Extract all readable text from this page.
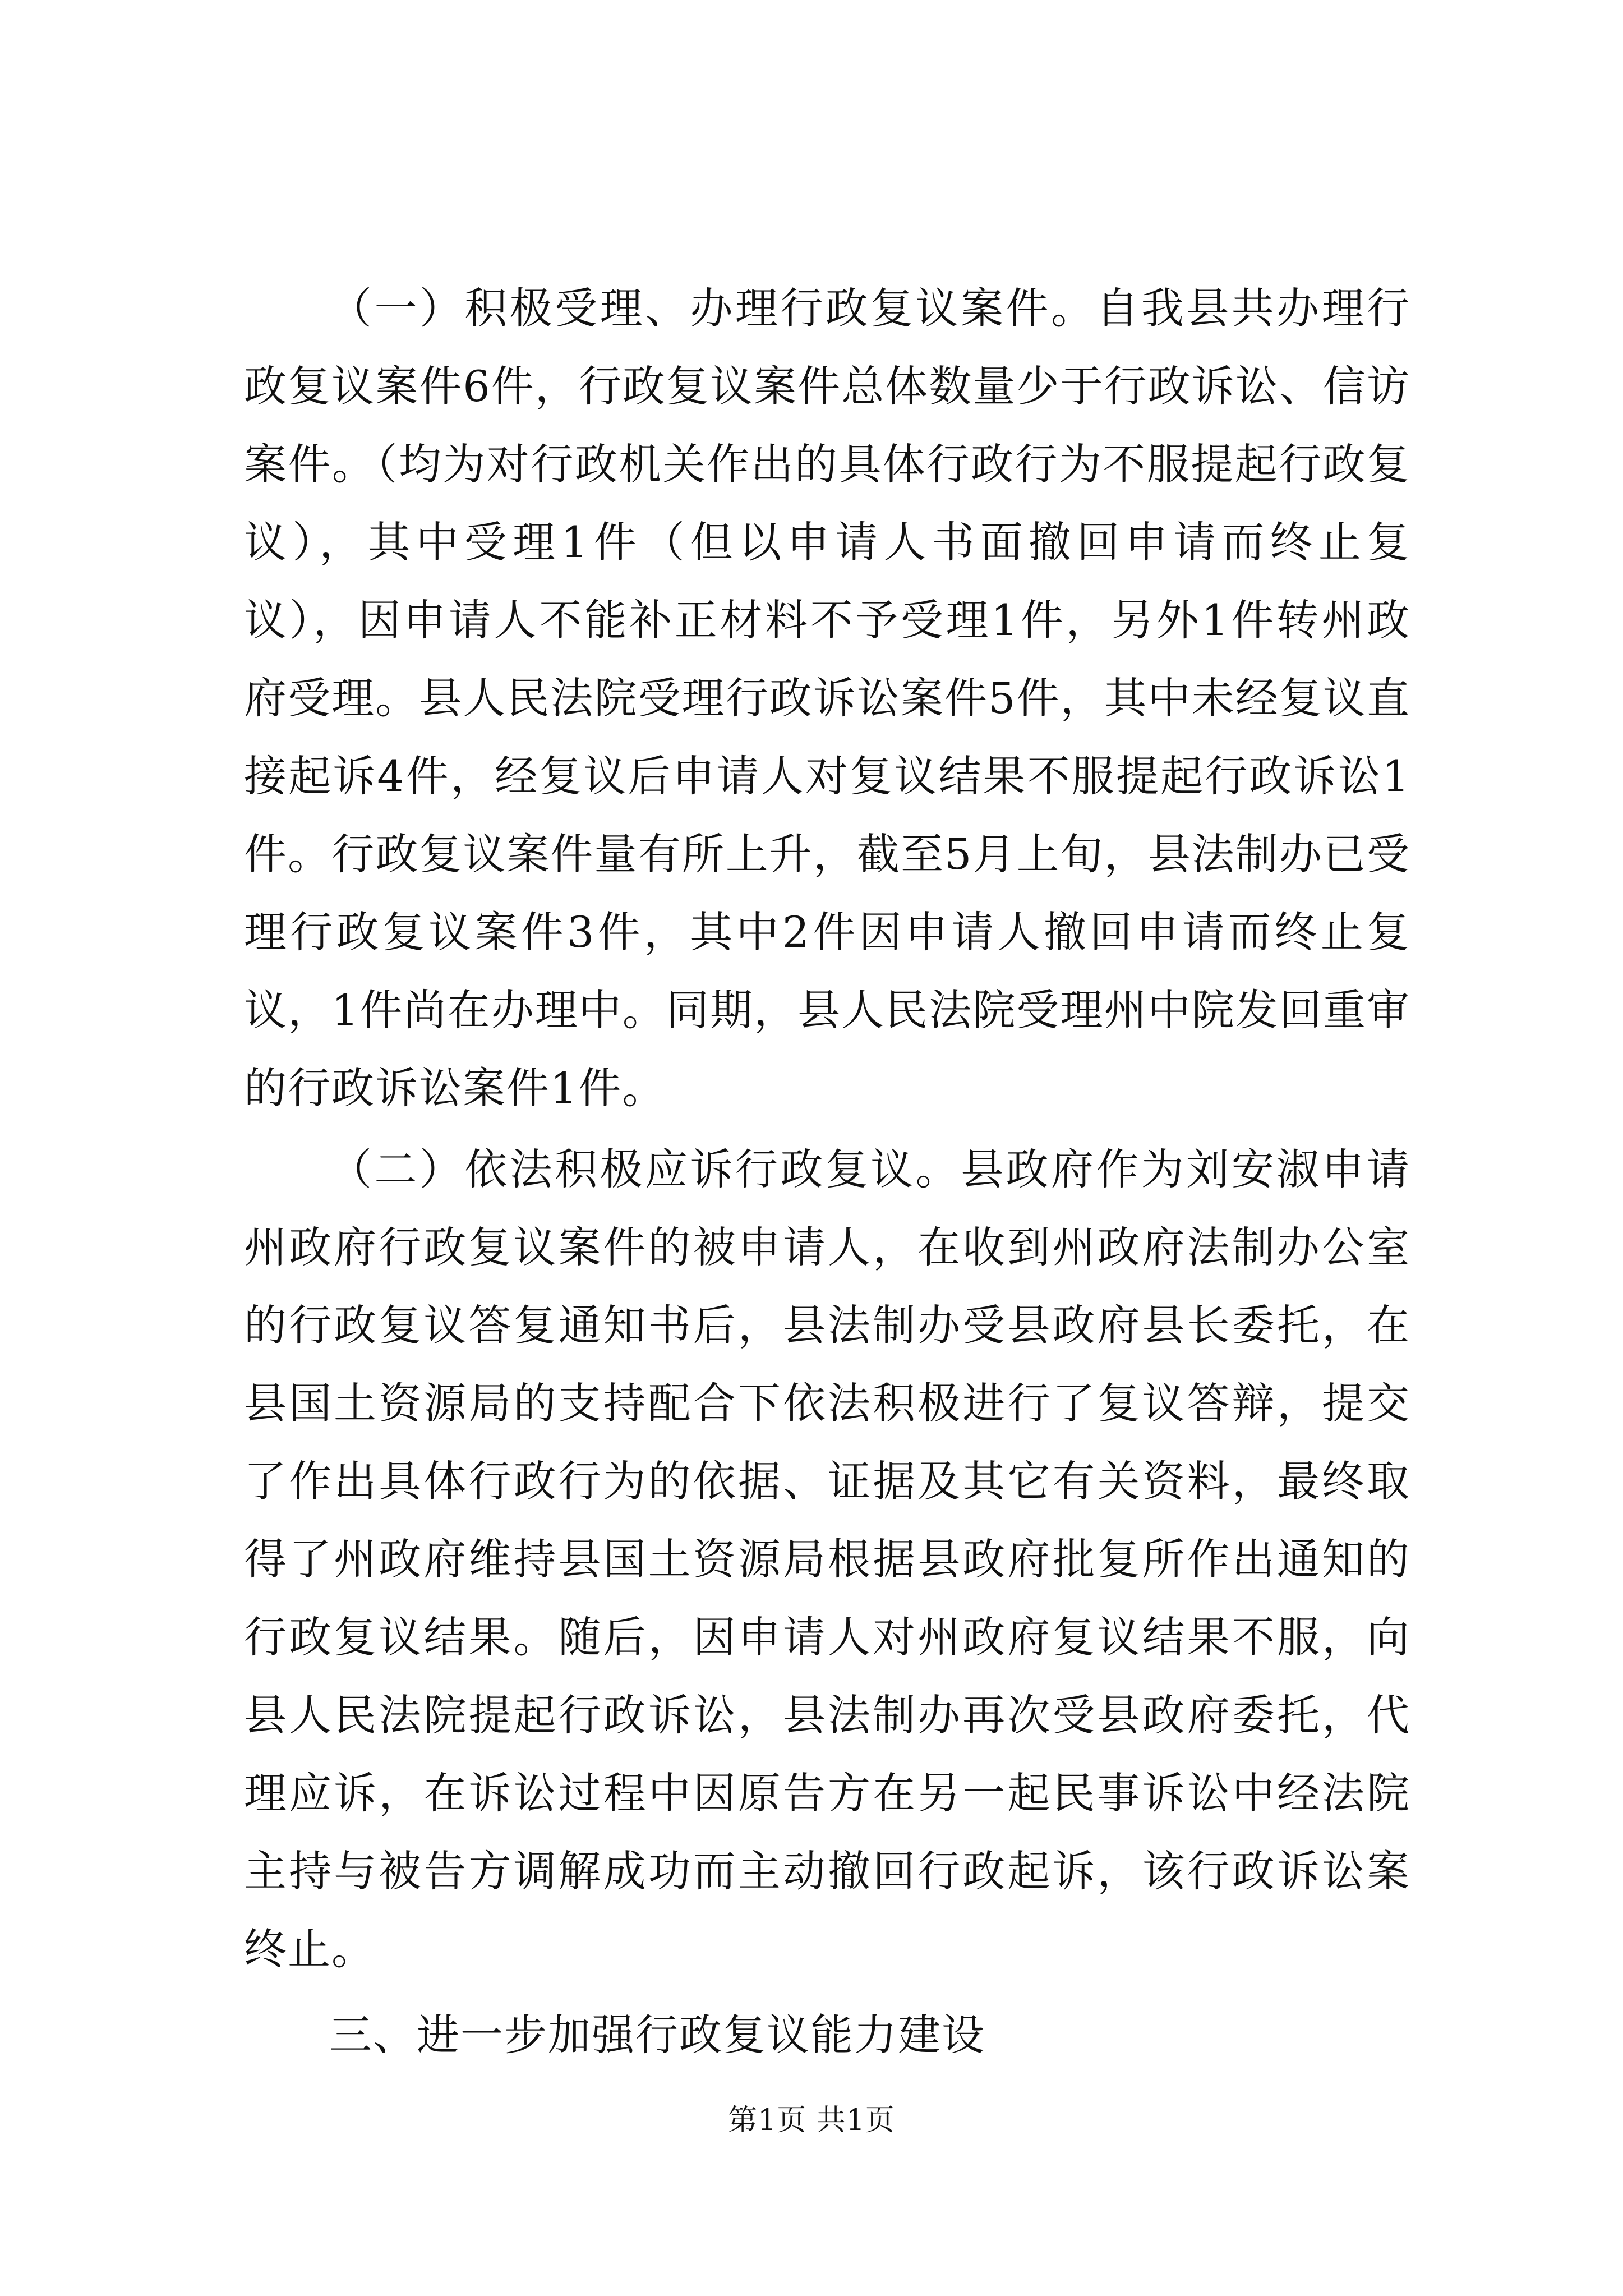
（一）积极受理、办理行政复议案件。自我县共办理行政复议案件6件，行政复议案件总体数量少于行政诉讼、信访案件。（均为对行政机关作出的具体行政行为不服提起行政复议），其中受理1件（但以申请人书面撤回申请而终止复议），因申请人不能补正材料不予受理1件，另外1件转州政府受理。县人民法院受理行政诉讼案件5件，其中未经复议直接起诉4件，经复议后申请人对复议结果不服提起行政诉讼1件。行政复议案件量有所上升，截至5月上旬，县法制办已受理行政复议案件3件，其中2件因申请人撤回申请而终止复议，1件尚在办理中。同期，县人民法院受理州中院发回重审的行政诉讼案件1件。

（二）依法积极应诉行政复议。县政府作为刘安淑申请州政府行政复议案件的被申请人，在收到州政府法制办公室的行政复议答复通知书后，县法制办受县政府县长委托，在县国土资源局的支持配合下依法积极进行了复议答辩，提交了作出具体行政行为的依据、证据及其它有关资料，最终取得了州政府维持县国土资源局根据县政府批复所作出通知的行政复议结果。随后，因申请人对州政府复议结果不服，向县人民法院提起行政诉讼，县法制办再次受县政府委托，代理应诉，在诉讼过程中因原告方在另一起民事诉讼中经法院主持与被告方调解成功而主动撤回行政起诉，该行政诉讼案终止。

三、进一步加强行政复议能力建设

第1页 共1页
